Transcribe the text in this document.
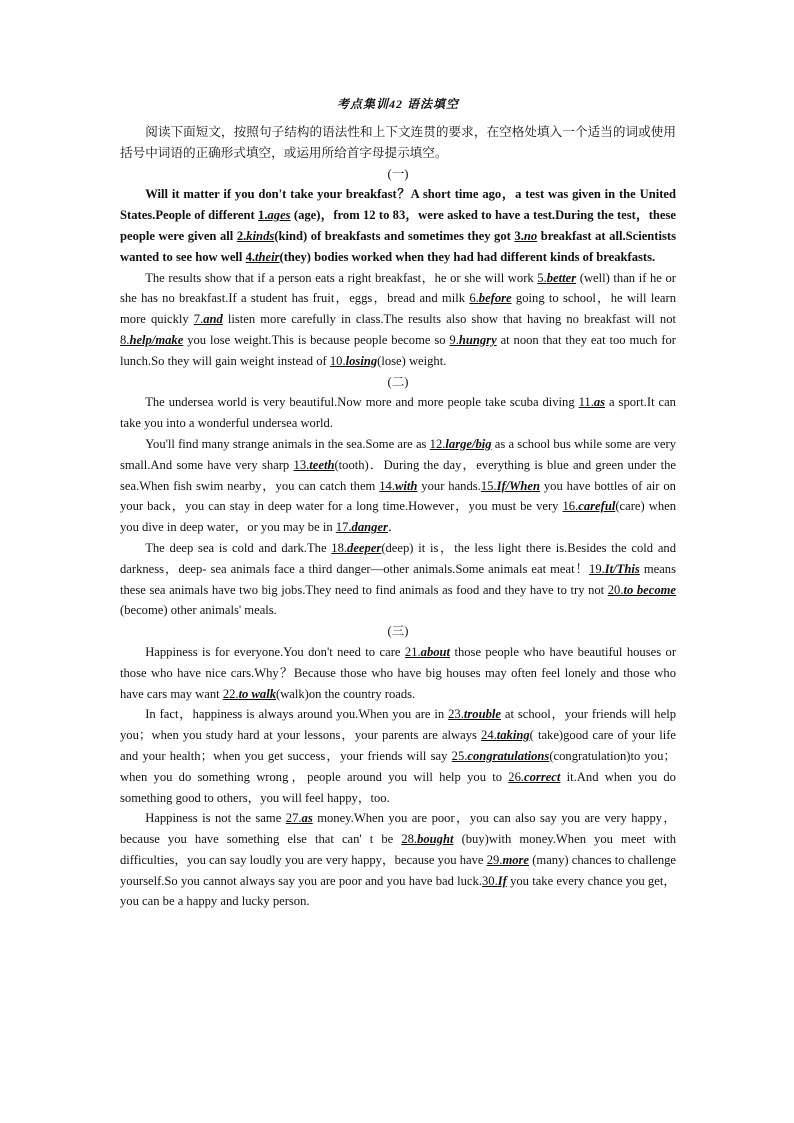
考点集训42 语法填空

阅读下面短文，按照句子结构的语法性和上下文连贯的要求，在空格处填入一个适当的词或使用括号中词语的正确形式填空，或运用所给首字母提示填空。

(一)

Will it matter if you don't take your breakfast？A short time ago，a test was given in the United States.People of different 1.ages (age)，from 12 to 83，were asked to have a test.During the test，these people were given all 2.kinds(kind) of breakfasts and sometimes they got 3.no breakfast at all.Scientists wanted to see how well 4.their(they) bodies worked when they had had different kinds of breakfasts.

The results show that if a person eats a right breakfast，he or she will work 5.better (well) than if he or she has no breakfast.If a student has fruit，eggs，bread and milk 6.before going to school，he will learn more quickly 7.and listen more carefully in class.The results also show that having no breakfast will not 8.help/make you lose weight.This is because people become so 9.hungry at noon that they eat too much for lunch.So they will gain weight instead of 10.losing(lose) weight.

(二)

The undersea world is very beautiful.Now more and more people take scuba diving 11.as a sport.It can take you into a wonderful undersea world.

You'll find many strange animals in the sea.Some are as 12.large/big as a school bus while some are very small.And some have very sharp 13.teeth(tooth)．During the day，everything is blue and green under the sea.When fish swim nearby，you can catch them 14.with your hands.15.If/When you have bottles of air on your back，you can stay in deep water for a long time.However，you must be very 16.careful(care) when you dive in deep water，or you may be in 17.danger．

The deep sea is cold and dark.The 18.deeper(deep) it is，the less light there is.Besides the cold and darkness，deep- sea animals face a third danger—other animals.Some animals eat meat！19.It/This means these sea animals have two big jobs.They need to find animals as food and they have to try not 20.to become (become) other animals' meals.

(三)

Happiness is for everyone.You don't need to care 21.about those people who have beautiful houses or those who have nice cars.Why？Because those who have big houses may often feel lonely and those who have cars may want 22.to walk(walk)on the country roads.

In fact，happiness is always around you.When you are in 23.trouble at school，your friends will help you；when you study hard at your lessons，your parents are always 24.taking( take)good care of your life and your health；when you get success，your friends will say 25.congratulations(congratulation)to you；when you do something wrong，people around you will help you to 26.correct it.And when you do something good to others，you will feel happy，too.

Happiness is not the same 27.as money.When you are poor，you can also say you are very happy，because you have something else that can' t be 28.bought (buy)with money.When you meet with difficulties，you can say loudly you are very happy，because you have 29.more (many) chances to challenge yourself.So you cannot always say you are poor and you have bad luck.30.If you take every chance you get，you can be a happy and lucky person.
